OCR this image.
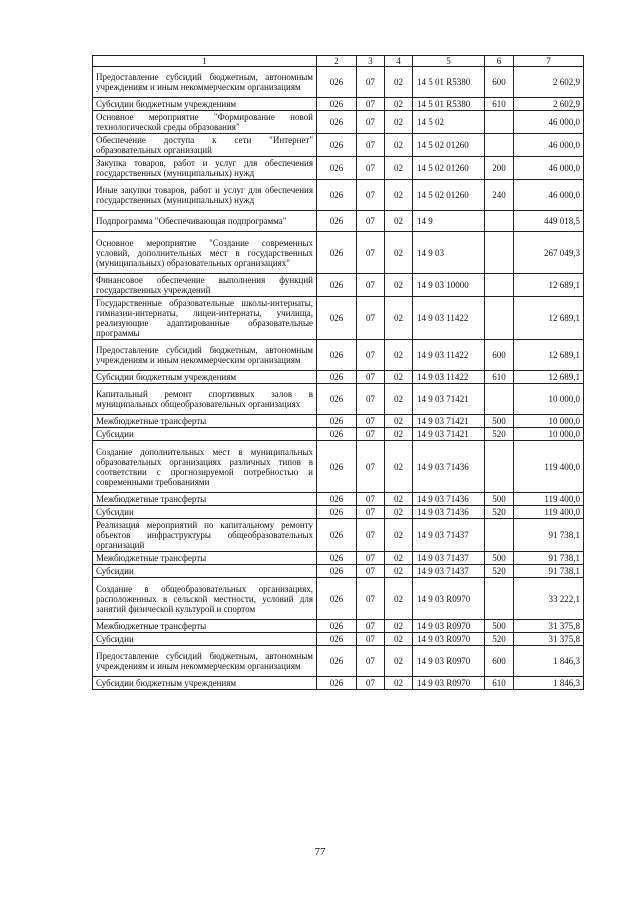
1	2	3	4	5	6	7
Предоставление субсидий бюджетным, автономным учреждениям и иным некоммерческим организациям	026	07	02	14 5 01 R5380	600	2 602,9
Субсидии бюджетным учреждениям	026	07	02	14 5 01 R5380	610	2 602,9
Основное мероприятие "Формирование новой технологической среды образования"	026	07	02	14 5 02		46 000,0
Обеспечение доступа к сети "Интернет" образовательных организаций	026	07	02	14 5 02 01260		46 000,0
Закупка товаров, работ и услуг для обеспечения государственных (муниципальных) нужд	026	07	02	14 5 02 01260	200	46 000,0
Иные закупки товаров, работ и услуг для обеспечения государственных (муниципальных) нужд	026	07	02	14 5 02 01260	240	46 000,0
Подпрограмма "Обеспечивающая подпрограмма"	026	07	02	14 9		449 018,5
Основное мероприятие "Создание современных условий, дополнительных мест в государственных (муниципальных) образовательных организациях"	026	07	02	14 9 03		267 049,3
Финансовое обеспечение выполнения функций государственных учреждений	026	07	02	14 9 03 10000		12 689,1
Государственные образовательные школы-интернаты, гимназии-интернаты, лицеи-интернаты, училища, реализующие адаптированные образовательные программы	026	07	02	14 9 03 11422		12 689,1
Предоставление субсидий бюджетным, автономным учреждениям и иным некоммерческим организациям	026	07	02	14 9 03 11422	600	12 689,1
Субсидии бюджетным учреждениям	026	07	02	14 9 03 11422	610	12 689,1
Капитальный ремонт спортивных залов в муниципальных общеобразовательных организациях	026	07	02	14 9 03 71421		10 000,0
Межбюджетные трансферты	026	07	02	14 9 03 71421	500	10 000,0
Субсидии	026	07	02	14 9 03 71421	520	10 000,0
Создание дополнительных мест в муниципальных образовательных организациях различных типов в соответствии с прогнозируемой потребностью и современными требованиями	026	07	02	14 9 03 71436		119 400,0
Межбюджетные трансферты	026	07	02	14 9 03 71436	500	119 400,0
Субсидии	026	07	02	14 9 03 71436	520	119 400,0
Реализация мероприятий по капитальному ремонту объектов инфраструктуры общеобразовательных организаций	026	07	02	14 9 03 71437		91 738,1
Межбюджетные трансферты	026	07	02	14 9 03 71437	500	91 738,1
Субсидии	026	07	02	14 9 03 71437	520	91 738,1
Создание в общеобразовательных организациях, расположенных в сельской местности, условий для занятий физической культурой и спортом	026	07	02	14 9 03 R0970		33 222,1
Межбюджетные трансферты	026	07	02	14 9 03 R0970	500	31 375,8
Субсидии	026	07	02	14 9 03 R0970	520	31 375,8
Предоставление субсидий бюджетным, автономным учреждениям и иным некоммерческим организациям	026	07	02	14 9 03 R0970	600	1 846,3
Субсидии бюджетным учреждениям	026	07	02	14 9 03 R0970	610	1 846,3
77
